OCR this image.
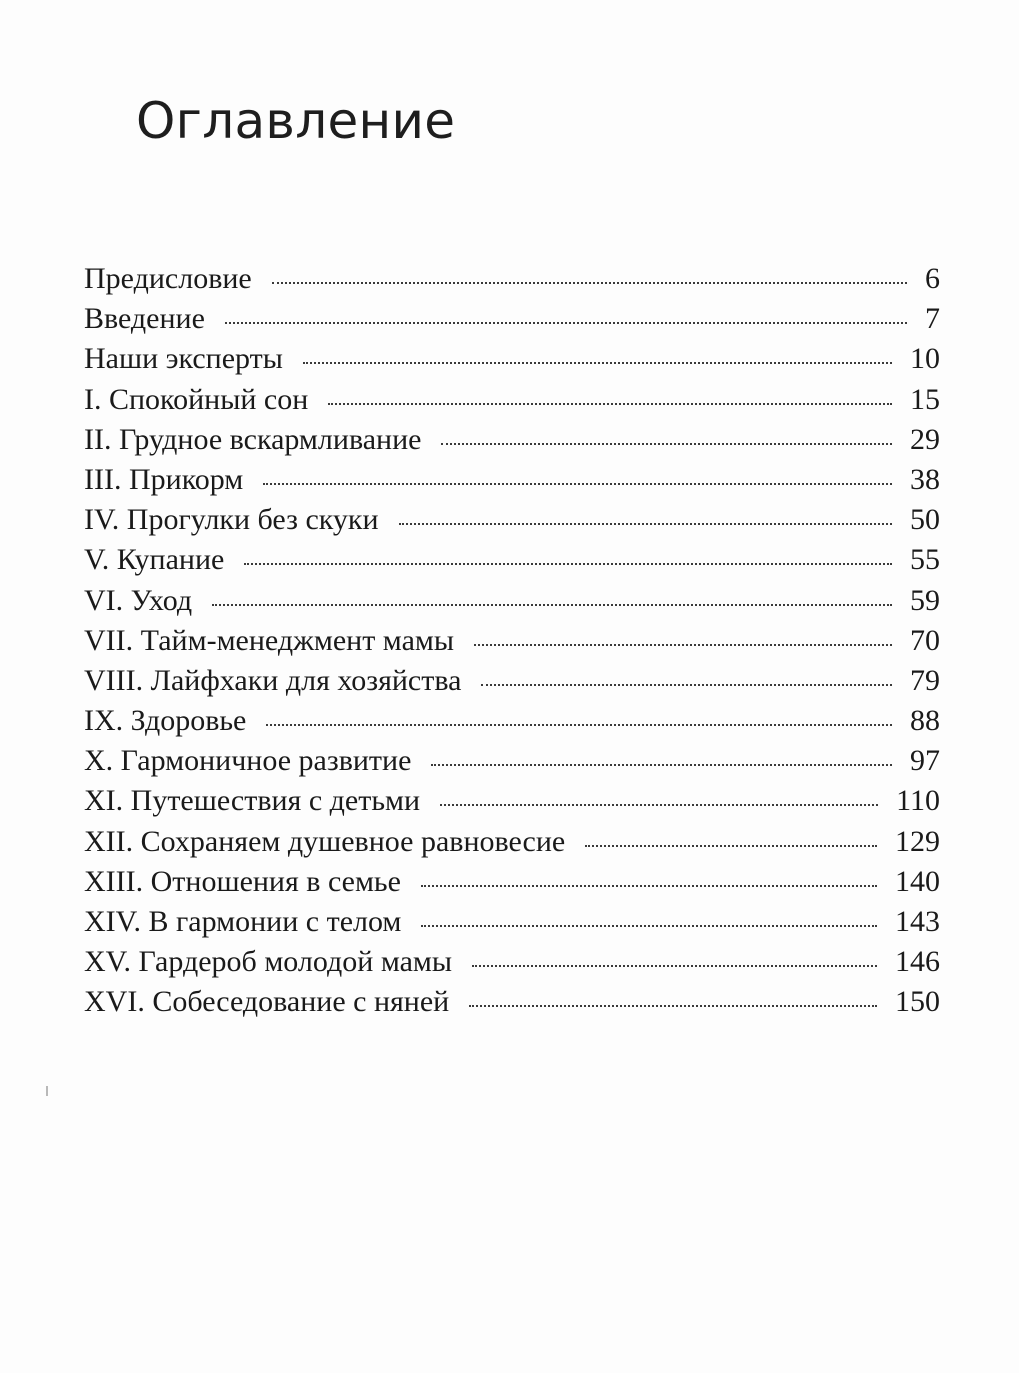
Оглавление
Предисловие	6
Введение	7
Наши эксперты	10
I. Спокойный сон	15
II. Грудное вскармливание	29
III. Прикорм	38
IV. Прогулки без скуки	50
V. Купание	55
VI. Уход	59
VII. Тайм-менеджмент мамы	70
VIII. Лайфхаки для хозяйства	79
IX. Здоровье	88
X. Гармоничное развитие	97
XI. Путешествия с детьми	110
XII. Сохраняем душевное равновесие	129
XIII. Отношения в семье	140
XIV. В гармонии с телом	143
XV. Гардероб молодой мамы	146
XVI. Собеседование с няней	150
